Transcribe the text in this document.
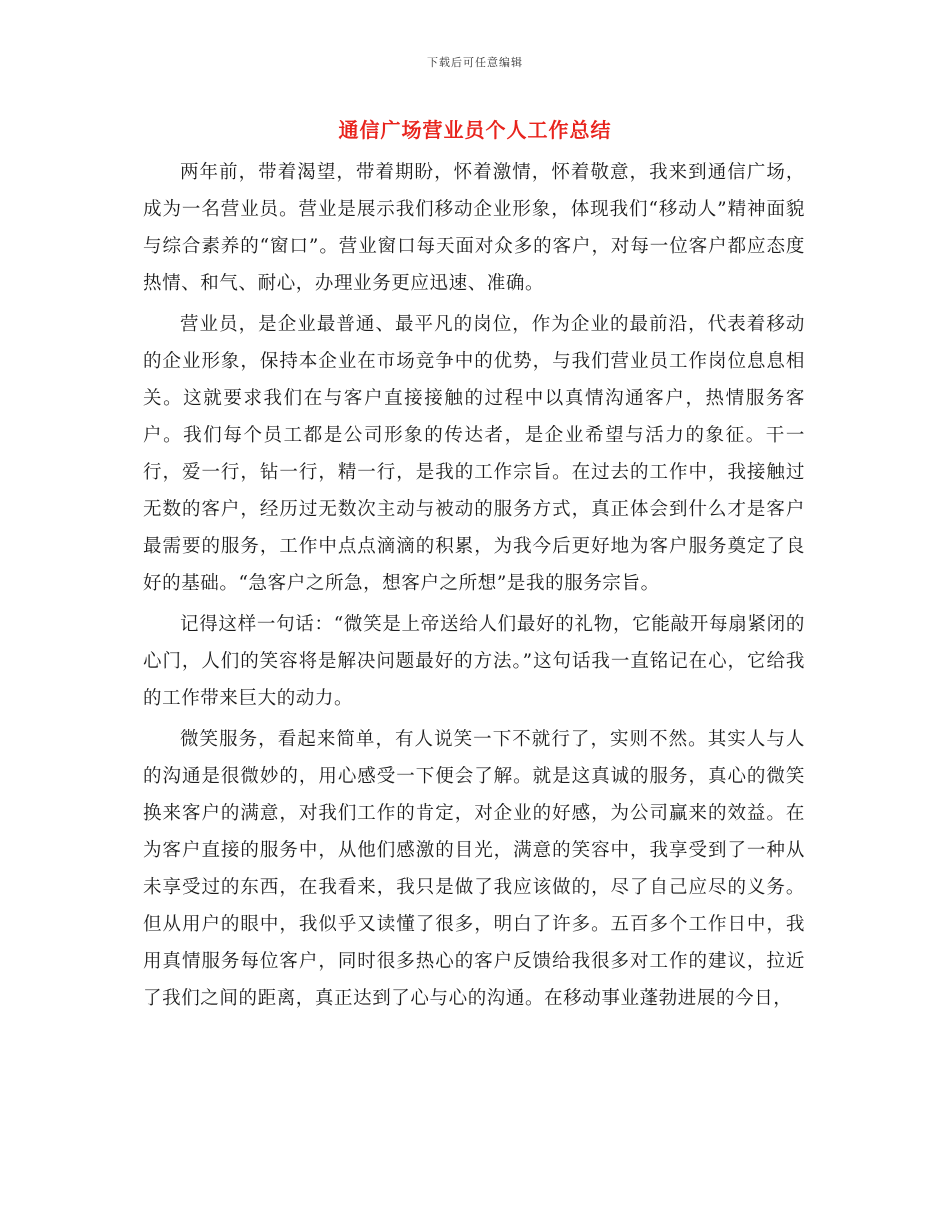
下载后可任意编辑
通信广场营业员个人工作总结

两年前，带着渴望，带着期盼，怀着激情，怀着敬意，我来到通信广场，成为一名营业员。营业是展示我们移动企业形象，体现我们“移动人”精神面貌与综合素养的“窗口”。营业窗口每天面对众多的客户，对每一位客户都应态度热情、和气、耐心，办理业务更应迅速、准确。

营业员，是企业最普通、最平凡的岗位，作为企业的最前沿，代表着移动的企业形象，保持本企业在市场竞争中的优势，与我们营业员工作岗位息息相关。这就要求我们在与客户直接接触的过程中以真情沟通客户，热情服务客户。我们每个员工都是公司形象的传达者，是企业希望与活力的象征。干一行，爱一行，钻一行，精一行，是我的工作宗旨。在过去的工作中，我接触过无数的客户，经历过无数次主动与被动的服务方式，真正体会到什么才是客户最需要的服务，工作中点点滴滴的积累，为我今后更好地为客户服务奠定了良好的基础。“急客户之所急，想客户之所想”是我的服务宗旨。

记得这样一句话：“微笑是上帝送给人们最好的礼物，它能敲开每扇紧闭的心门，人们的笑容将是解决问题最好的方法。”这句话我一直铭记在心，它给我的工作带来巨大的动力。

微笑服务，看起来简单，有人说笑一下不就行了，实则不然。其实人与人的沟通是很微妙的，用心感受一下便会了解。就是这真诚的服务，真心的微笑换来客户的满意，对我们工作的肯定，对企业的好感，为公司赢来的效益。在为客户直接的服务中，从他们感激的目光，满意的笑容中，我享受到了一种从未享受过的东西，在我看来，我只是做了我应该做的，尽了自己应尽的义务。但从用户的眼中，我似乎又读懂了很多，明白了许多。五百多个工作日中，我用真情服务每位客户，同时很多热心的客户反馈给我很多对工作的建议，拉近了我们之间的距离，真正达到了心与心的沟通。在移动事业蓬勃进展的今日，
